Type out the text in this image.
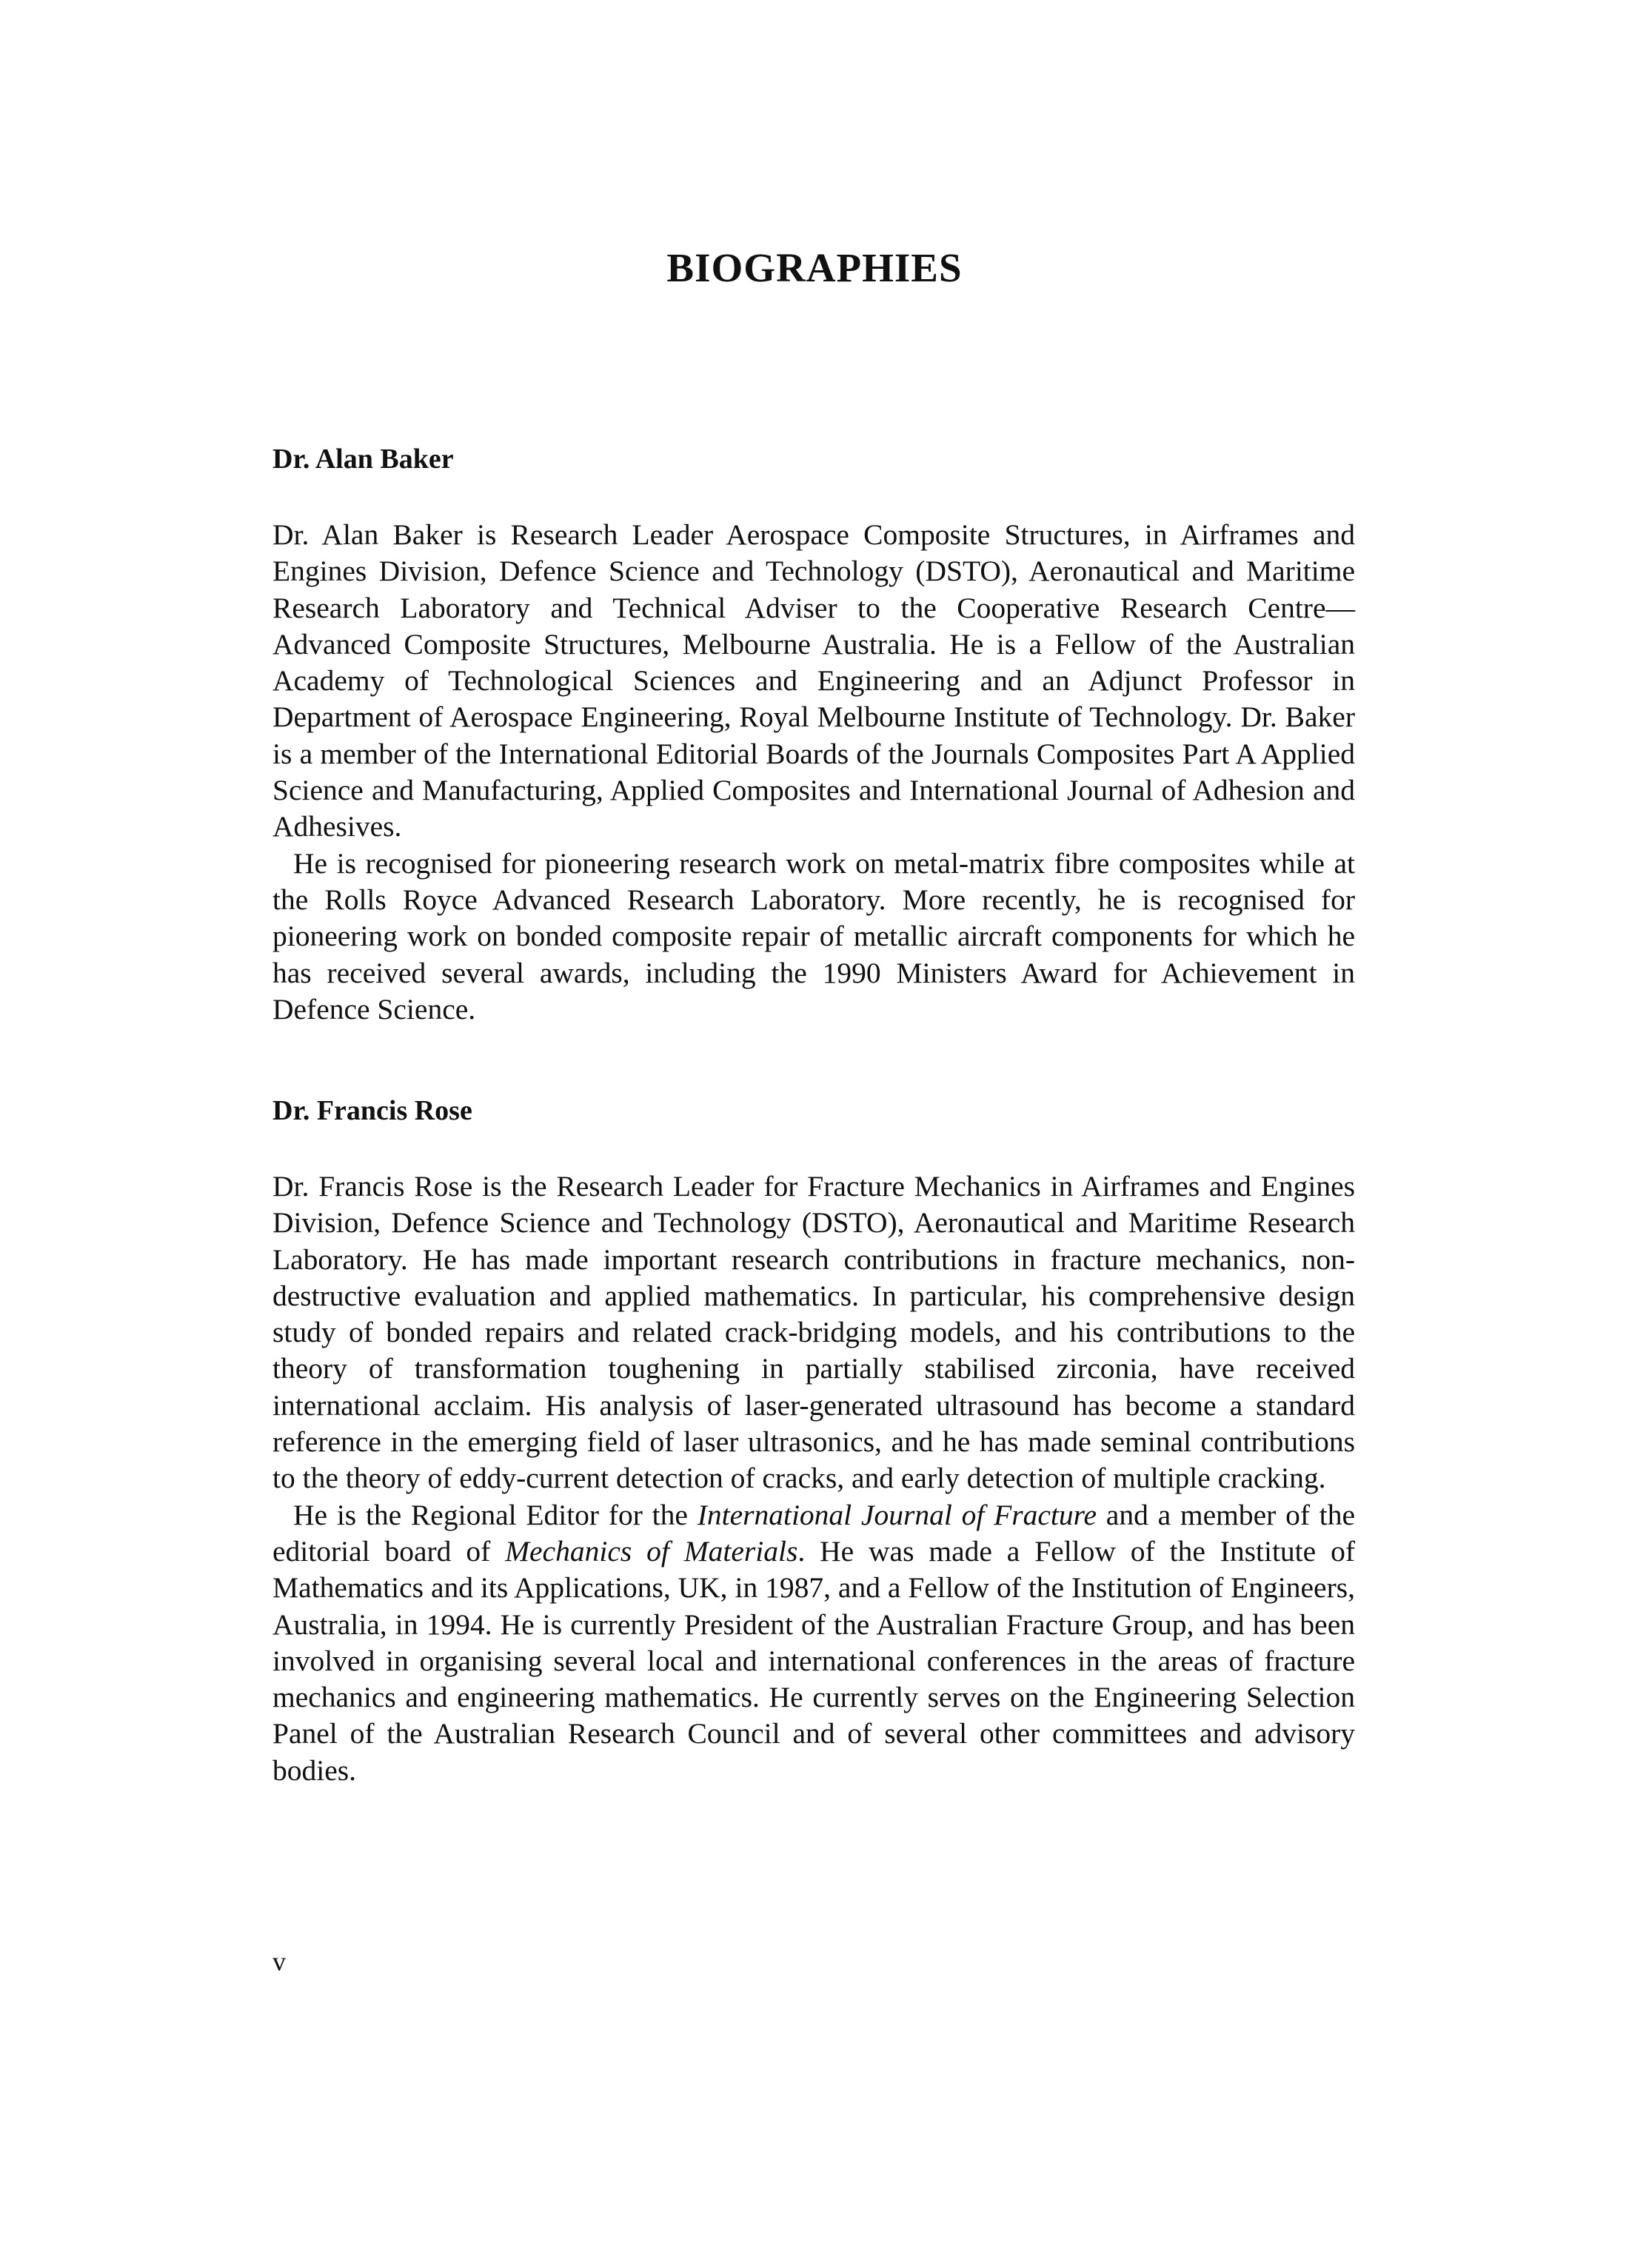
BIOGRAPHIES
Dr. Alan Baker

Dr. Alan Baker is Research Leader Aerospace Composite Structures, in Airframes and Engines Division, Defence Science and Technology (DSTO), Aeronautical and Maritime Research Laboratory and Technical Adviser to the Cooperative Research Centre—Advanced Composite Structures, Melbourne Australia. He is a Fellow of the Australian Academy of Technological Sciences and Engineering and an Adjunct Professor in Department of Aerospace Engineering, Royal Melbourne Institute of Technology. Dr. Baker is a member of the International Editorial Boards of the Journals Composites Part A Applied Science and Manufacturing, Applied Composites and International Journal of Adhesion and Adhesives.

He is recognised for pioneering research work on metal-matrix fibre composites while at the Rolls Royce Advanced Research Laboratory. More recently, he is recognised for pioneering work on bonded composite repair of metallic aircraft components for which he has received several awards, including the 1990 Ministers Award for Achievement in Defence Science.

Dr. Francis Rose

Dr. Francis Rose is the Research Leader for Fracture Mechanics in Airframes and Engines Division, Defence Science and Technology (DSTO), Aeronautical and Maritime Research Laboratory. He has made important research contributions in fracture mechanics, non-destructive evaluation and applied mathematics. In particular, his comprehensive design study of bonded repairs and related crack-bridging models, and his contributions to the theory of transformation toughening in partially stabilised zirconia, have received international acclaim. His analysis of laser-generated ultrasound has become a standard reference in the emerging field of laser ultrasonics, and he has made seminal contributions to the theory of eddy-current detection of cracks, and early detection of multiple cracking.

He is the Regional Editor for the International Journal of Fracture and a member of the editorial board of Mechanics of Materials. He was made a Fellow of the Institute of Mathematics and its Applications, UK, in 1987, and a Fellow of the Institution of Engineers, Australia, in 1994. He is currently President of the Australian Fracture Group, and has been involved in organising several local and international conferences in the areas of fracture mechanics and engineering mathematics. He currently serves on the Engineering Selection Panel of the Australian Research Council and of several other committees and advisory bodies.

v
